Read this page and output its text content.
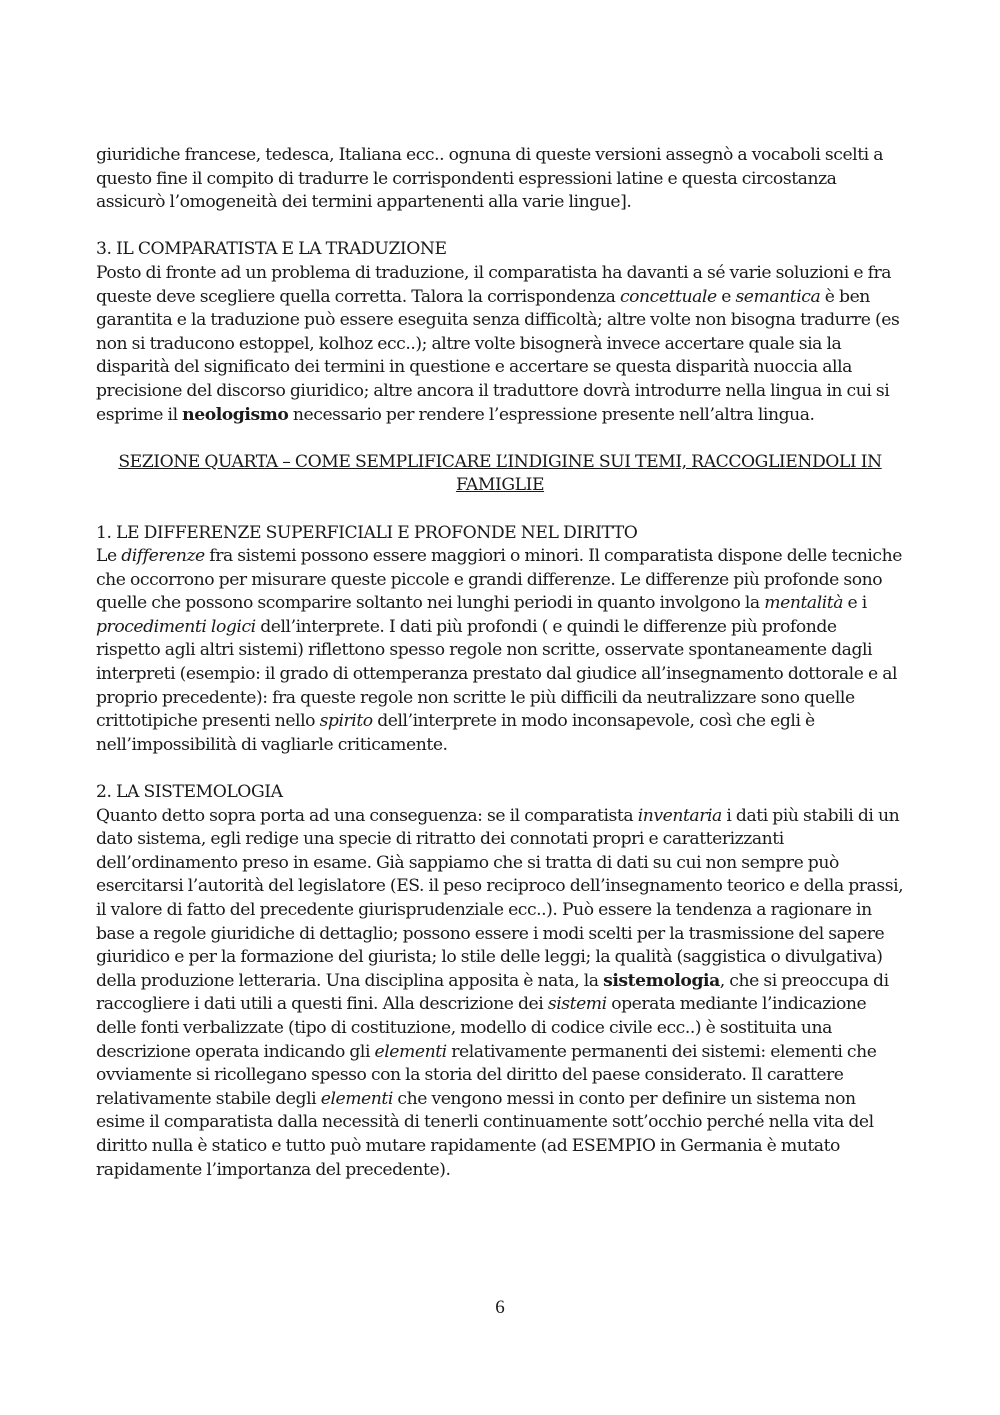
giuridiche francese, tedesca, Italiana ecc.. ognuna di queste versioni assegnò a vocaboli scelti a questo fine il compito di tradurre le corrispondenti espressioni latine e questa circostanza assicurò l’omogeneità dei termini appartenenti alla varie lingue].

3. IL COMPARATISTA E LA TRADUZIONE

Posto di fronte ad un problema di traduzione, il comparatista ha davanti a sé varie soluzioni e fra queste deve scegliere quella corretta. Talora la corrispondenza concettuale e semantica è ben garantita e la traduzione può essere eseguita senza difficoltà; altre volte non bisogna tradurre (es non si traducono estoppel, kolhoz ecc..); altre volte bisognerà invece accertare quale sia la disparità del significato dei termini in questione e accertare se questa disparità nuoccia alla precisione del discorso giuridico; altre ancora il traduttore dovrà introdurre nella lingua in cui si esprime il neologismo necessario per rendere l’espressione presente nell’altra lingua.

SEZIONE QUARTA – COME SEMPLIFICARE L’INDIGINE SUI TEMI, RACCOGLIENDOLI IN FAMIGLIE

1. LE DIFFERENZE SUPERFICIALI E PROFONDE NEL DIRITTO

Le differenze fra sistemi possono essere maggiori o minori. Il comparatista dispone delle tecniche che occorrono per misurare queste piccole e grandi differenze. Le differenze più profonde sono quelle che possono scomparire soltanto nei lunghi periodi in quanto involgono la mentalità e i procedimenti logici dell’interprete. I dati più profondi ( e quindi le differenze più profonde rispetto agli altri sistemi) riflettono spesso regole non scritte, osservate spontaneamente dagli interpreti (esempio: il grado di ottemperanza prestato dal giudice all’insegnamento dottorale e al proprio precedente): fra queste regole non scritte le più difficili da neutralizzare sono quelle crittotipiche presenti nello spirito dell’interprete in modo inconsapevole, così che egli è nell’impossibilità di vagliarle criticamente.

2. LA SISTEMOLOGIA

Quanto detto sopra porta ad una conseguenza: se il comparatista inventaria i dati più stabili di un dato sistema, egli redige una specie di ritratto dei connotati propri e caratterizzanti dell’ordinamento preso in esame. Già sappiamo che si tratta di dati su cui non sempre può esercitarsi l’autorità del legislatore (ES. il peso reciproco dell’insegnamento teorico e della prassi, il valore di fatto del precedente giurisprudenziale ecc..). Può essere la tendenza a ragionare in base a regole giuridiche di dettaglio; possono essere i modi scelti per la trasmissione del sapere giuridico e per la formazione del giurista; lo stile delle leggi; la qualità (saggistica o divulgativa) della produzione letteraria. Una disciplina apposita è nata, la sistemologia, che si preoccupa di raccogliere i dati utili a questi fini. Alla descrizione dei sistemi operata mediante l’indicazione delle fonti verbalizzate (tipo di costituzione, modello di codice civile ecc..) è sostituita una descrizione operata indicando gli elementi relativamente permanenti dei sistemi: elementi che ovviamente si ricollegano spesso con la storia del diritto del paese considerato. Il carattere relativamente stabile degli elementi che vengono messi in conto per definire un sistema non esime il comparatista dalla necessità di tenerli continuamente sott’occhio perché nella vita del diritto nulla è statico e tutto può mutare rapidamente (ad ESEMPIO in Germania è mutato rapidamente l’importanza del precedente).

6
